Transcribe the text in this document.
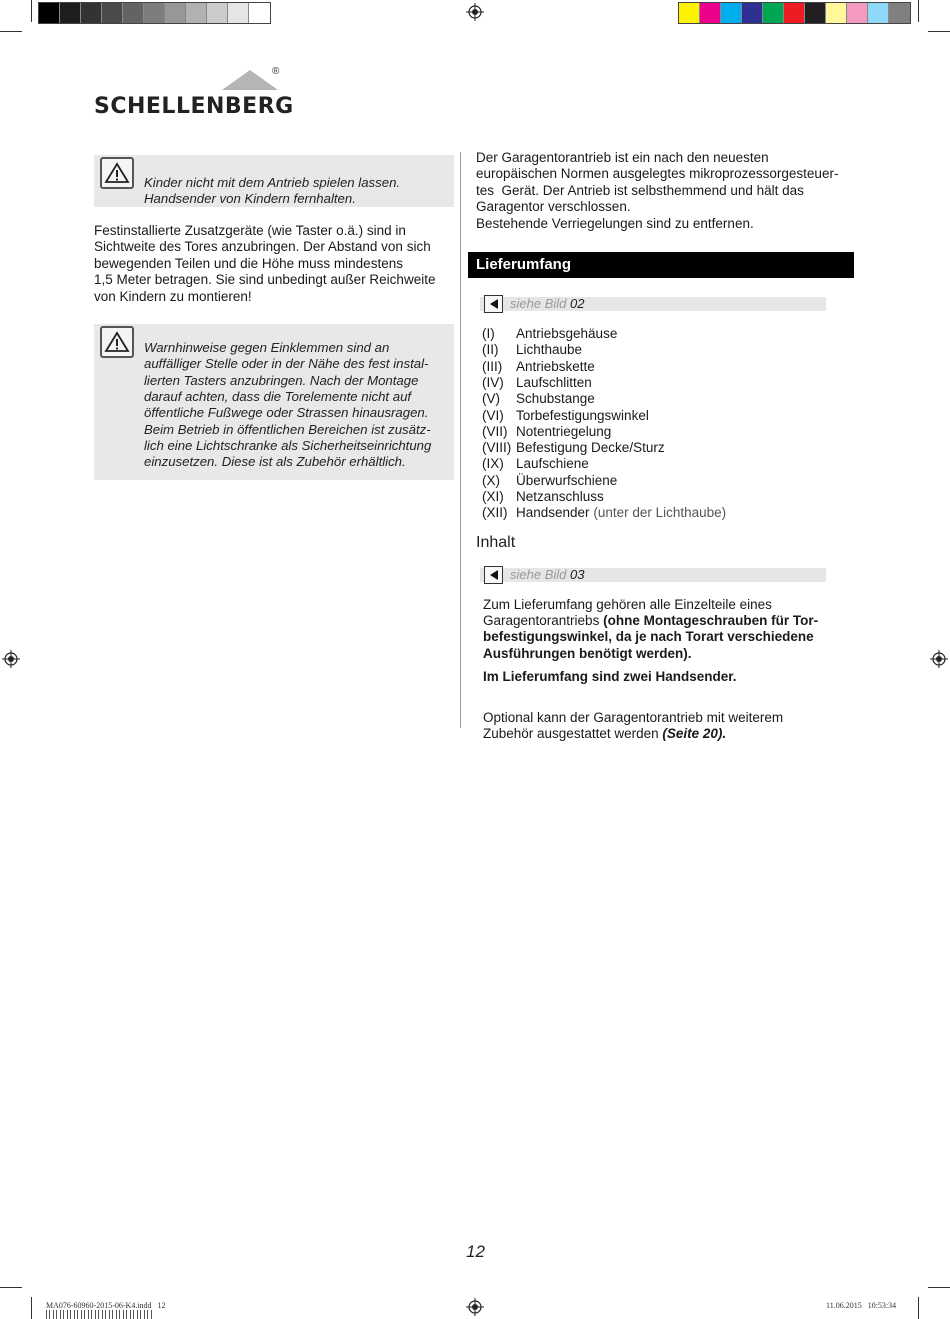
®
SCHELLENBERG
Kinder nicht mit dem Antrieb spielen lassen.
Handsender von Kindern fernhalten.
Festinstallierte Zusatzgeräte (wie Taster o.ä.) sind in
Sichtweite des Tores anzubringen. Der Abstand von sich
bewegenden Teilen und die Höhe muss mindestens
1,5 Meter betragen. Sie sind unbedingt außer Reichweite
von Kindern zu montieren!
Warnhinweise gegen Einklemmen sind an
auffälliger Stelle oder in der Nähe des fest instal-
lierten Tasters anzubringen. Nach der Montage
darauf achten, dass die Torelemente nicht auf
öffentliche Fußwege oder Strassen hinausragen.
Beim Betrieb in öffentlichen Bereichen ist zusätz-
lich eine Lichtschranke als Sicherheitseinrichtung
einzusetzen. Diese ist als Zubehör erhältlich.
Der Garagentorantrieb ist ein nach den neuesten
europäischen Normen ausgelegtes mikroprozessorgesteuer-
tes  Gerät. Der Antrieb ist selbsthemmend und hält das
Garagentor verschlossen.
Bestehende Verriegelungen sind zu entfernen.
Lieferumfang
siehe Bild 02
(I)	Antriebsgehäuse
(II)	Lichthaube
(III)	Antriebskette
(IV) Laufschlitten
(V)	Schubstange
(VI) Torbefestigungswinkel
(VII) Notentriegelung
(VIII) Befestigung Decke/Sturz
(IX) Laufschiene
(X)	Überwurfschiene
(XI) Netzanschluss
(XII) Handsender
(unter der Lichthaube)
Inhalt
siehe Bild 03
Zum Lieferumfang gehören alle Einzelteile eines
Garagentorantriebs (ohne Montageschrauben für Tor-
befestigungswinkel, da je nach Torart verschiedene
Ausführungen benötigt werden).
Im Lieferumfang sind zwei Handsender.
Optional kann der Garagentorantrieb mit weiterem
Zubehör ausgestattet werden (Seite 20).
12
MA076-60960-2015-06-K4.indd   12	11.06.2015   10:53:34
